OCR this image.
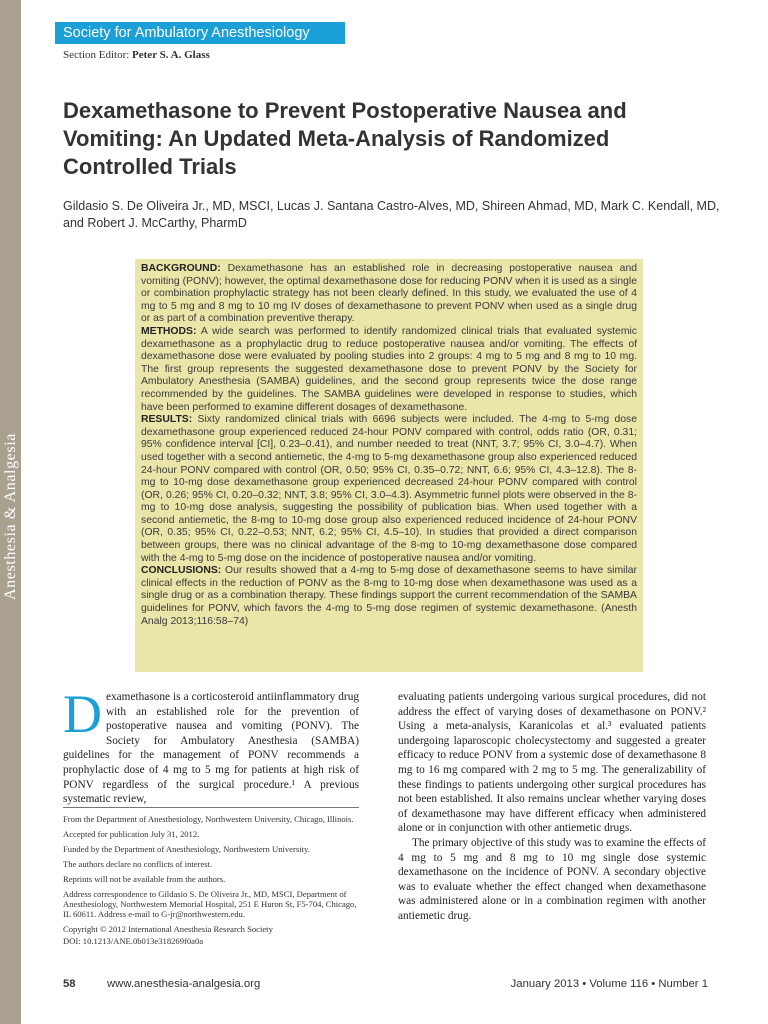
Anesthesia & Analgesia
Society for Ambulatory Anesthesiology
Section Editor: Peter S. A. Glass
Dexamethasone to Prevent Postoperative Nausea and Vomiting: An Updated Meta-Analysis of Randomized Controlled Trials
Gildasio S. De Oliveira Jr., MD, MSCI, Lucas J. Santana Castro-Alves, MD, Shireen Ahmad, MD, Mark C. Kendall, MD, and Robert J. McCarthy, PharmD

BACKGROUND: Dexamethasone has an established role in decreasing postoperative nausea and vomiting (PONV); however, the optimal dexamethasone dose for reducing PONV when it is used as a single or combination prophylactic strategy has not been clearly defined. In this study, we evaluated the use of 4 mg to 5 mg and 8 mg to 10 mg IV doses of dexamethasone to prevent PONV when used as a single drug or as part of a combination preventive therapy.

METHODS: A wide search was performed to identify randomized clinical trials that evaluated systemic dexamethasone as a prophylactic drug to reduce postoperative nausea and/or vomiting. The effects of dexamethasone dose were evaluated by pooling studies into 2 groups: 4 mg to 5 mg and 8 mg to 10 mg. The first group represents the suggested dexamethasone dose to prevent PONV by the Society for Ambulatory Anesthesia (SAMBA) guidelines, and the second group represents twice the dose range recommended by the guidelines. The SAMBA guidelines were developed in response to studies, which have been performed to examine different dosages of dexamethasone.

RESULTS: Sixty randomized clinical trials with 6696 subjects were included. The 4-mg to 5-mg dose dexamethasone group experienced reduced 24-hour PONV compared with control, odds ratio (OR, 0.31; 95% confidence interval [CI], 0.23–0.41), and number needed to treat (NNT, 3.7; 95% CI, 3.0–4.7). When used together with a second antiemetic, the 4-mg to 5-mg dexamethasone group also experienced reduced 24-hour PONV compared with control (OR, 0.50; 95% CI, 0.35–0.72; NNT, 6.6; 95% CI, 4.3–12.8). The 8-mg to 10-mg dose dexamethasone group experienced decreased 24-hour PONV compared with control (OR, 0.26; 95% CI, 0.20–0.32; NNT, 3.8; 95% CI, 3.0–4.3). Asymmetric funnel plots were observed in the 8-mg to 10-mg dose analysis, suggesting the possibility of publication bias. When used together with a second antiemetic, the 8-mg to 10-mg dose group also experienced reduced incidence of 24-hour PONV (OR, 0.35; 95% CI, 0.22–0.53; NNT, 6.2; 95% CI, 4.5–10). In studies that provided a direct comparison between groups, there was no clinical advantage of the 8-mg to 10-mg dexamethasone dose compared with the 4-mg to 5-mg dose on the incidence of postoperative nausea and/or vomiting.

CONCLUSIONS: Our results showed that a 4-mg to 5-mg dose of dexamethasone seems to have similar clinical effects in the reduction of PONV as the 8-mg to 10-mg dose when dexamethasone was used as a single drug or as a combination therapy. These findings support the current recommendation of the SAMBA guidelines for PONV, which favors the 4-mg to 5-mg dose regimen of systemic dexamethasone. (Anesth Analg 2013;116:58–74)

D examethasone is a corticosteroid antiinflammatory drug with an established role for the prevention of postoperative nausea and vomiting (PONV). The Society for Ambulatory Anesthesia (SAMBA) guidelines for the management of PONV recommends a prophylactic dose of 4 mg to 5 mg for patients at high risk of PONV regardless of the surgical procedure.¹ A previous systematic review,

From the Department of Anesthesiology, Northwestern University, Chicago, Illinois.

Accepted for publication July 31, 2012.

Funded by the Department of Anesthesiology, Northwestern University.

The authors declare no conflicts of interest.

Reprints will not be available from the authors.

Address correspondence to Gildasio S. De Oliveira Jr., MD, MSCI, Department of Anesthesiology, Northwestern Memorial Hospital, 251 E Huron St, F5-704, Chicago, IL 60611. Address e-mail to G-jr@northwestern.edu.

Copyright © 2012 International Anesthesia Research Society

DOI: 10.1213/ANE.0b013e318269f0a0a

evaluating patients undergoing various surgical procedures, did not address the effect of varying doses of dexamethasone on PONV.² Using a meta-analysis, Karanicolas et al.³ evaluated patients undergoing laparoscopic cholecystectomy and suggested a greater efficacy to reduce PONV from a systemic dose of dexamethasone 8 mg to 16 mg compared with 2 mg to 5 mg. The generalizability of these findings to patients undergoing other surgical procedures has not been established. It also remains unclear whether varying doses of dexamethasone may have different efficacy when administered alone or in conjunction with other antiemetic drugs.

The primary objective of this study was to examine the effects of 4 mg to 5 mg and 8 mg to 10 mg single dose systemic dexamethasone on the incidence of PONV. A secondary objective was to evaluate whether the effect changed when dexamethasone was administered alone or in a combination regimen with another antiemetic drug.

58	www.anesthesia-analgesia.org	January 2013 • Volume 116 • Number 1
